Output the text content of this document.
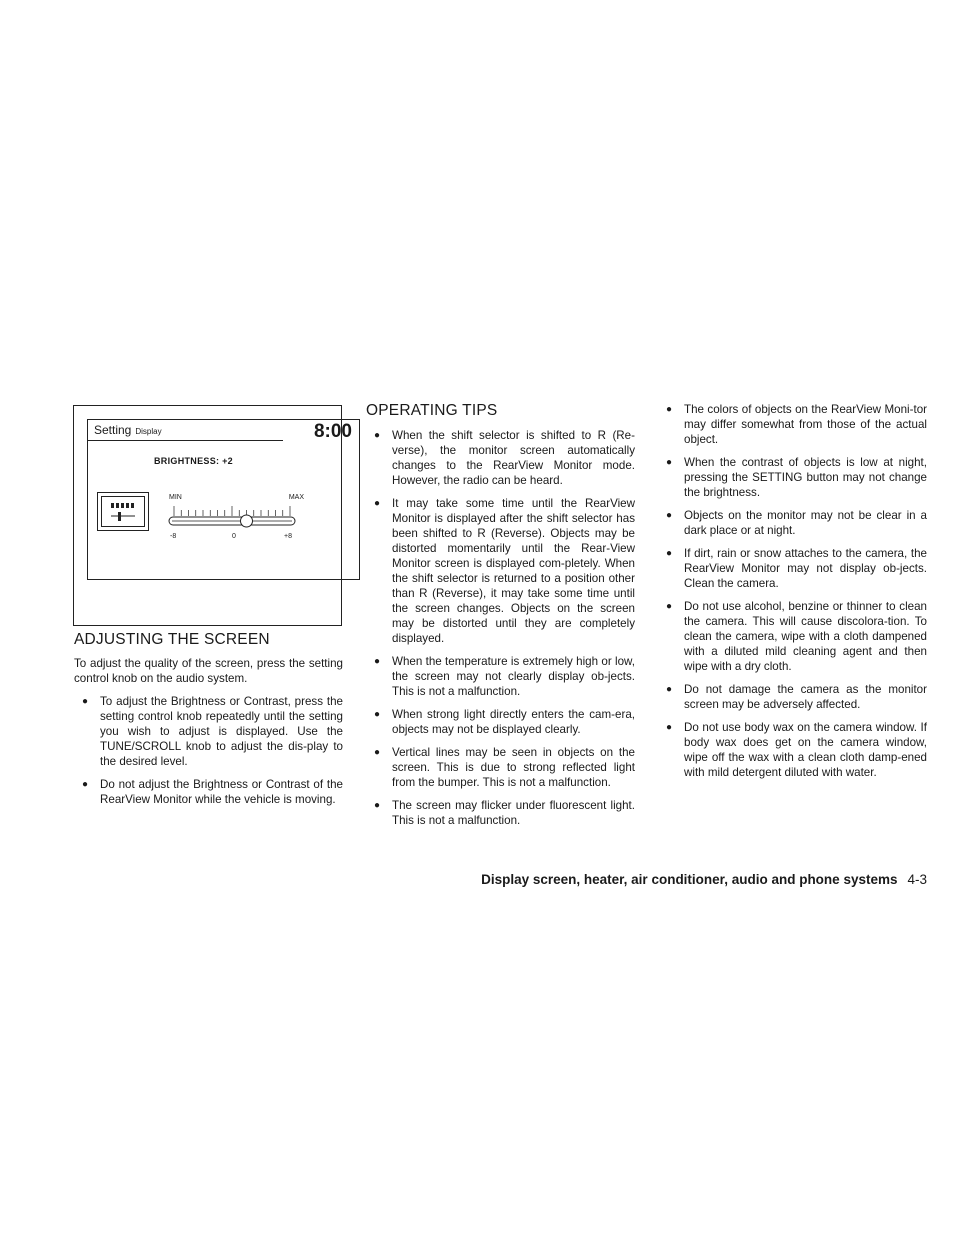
Setting Display	8:00
BRIGHTNESS: +2
MIN	MAX
-8	0	+8
ADJUSTING THE SCREEN

To adjust the quality of the screen, press the setting control knob on the audio system.

● To adjust the Brightness or Contrast, press the setting control knob repeatedly until the setting you wish to adjust is displayed. Use the TUNE/SCROLL knob to adjust the dis-play to the desired level.
● Do not adjust the Brightness or Contrast of the RearView Monitor while the vehicle is moving.
OPERATING TIPS
● When the shift selector is shifted to R (Re-verse), the monitor screen automatically changes to the RearView Monitor mode. However, the radio can be heard.
● It may take some time until the RearView Monitor is displayed after the shift selector has been shifted to R (Reverse). Objects may be distorted momentarily until the Rear-View Monitor screen is displayed com-pletely. When the shift selector is returned to a position other than R (Reverse), it may take some time until the screen changes. Objects on the screen may be distorted until they are completely displayed.
● When the temperature is extremely high or low, the screen may not clearly display ob-jects. This is not a malfunction.
● When strong light directly enters the cam-era, objects may not be displayed clearly.
● Vertical lines may be seen in objects on the screen. This is due to strong reflected light from the bumper. This is not a malfunction.
● The screen may flicker under fluorescent light. This is not a malfunction.
● The colors of objects on the RearView Moni-tor may differ somewhat from those of the actual object.
● When the contrast of objects is low at night, pressing the SETTING button may not change the brightness.
● Objects on the monitor may not be clear in a dark place or at night.
● If dirt, rain or snow attaches to the camera, the RearView Monitor may not display ob-jects. Clean the camera.
● Do not use alcohol, benzine or thinner to clean the camera. This will cause discolora-tion. To clean the camera, wipe with a cloth dampened with a diluted mild cleaning agent and then wipe with a dry cloth.
● Do not damage the camera as the monitor screen may be adversely affected.
● Do not use body wax on the camera window. If body wax does get on the camera window, wipe off the wax with a clean cloth damp-ened with mild detergent diluted with water.
Display screen, heater, air conditioner, audio and phone systems 4-3
